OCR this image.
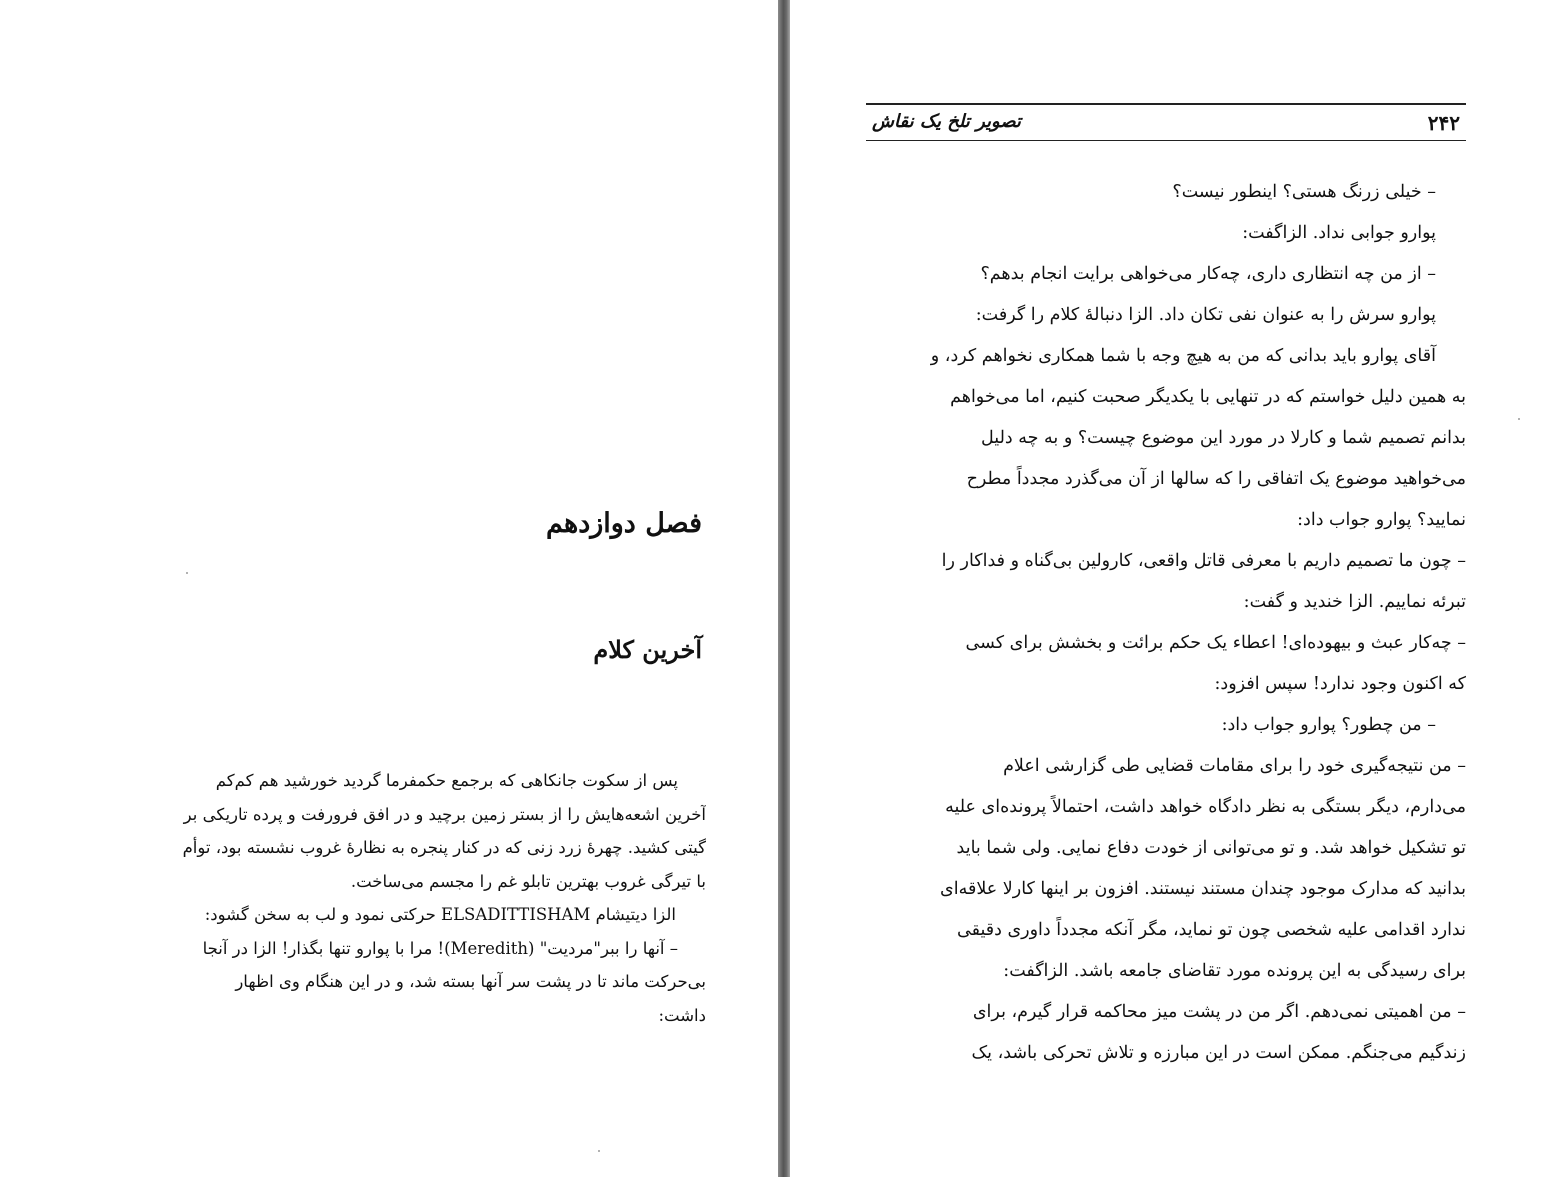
فصل دوازدهم
آخرین کلام
پس از سکوت جانکاهی که برجمع حکمفرما گردید خورشید هم کم‌کم
آخرین اشعه‌هایش را از بستر زمین برچید و در افق فرورفت و پرده تاریکی بر
گیتی کشید. چهرهٔ زرد زنی که در کنار پنجره به نظارهٔ غروب نشسته بود، توأم
با تیرگی غروب بهترین تابلو غم را مجسم می‌ساخت.
الزا دیتیشام ELSADITTISHAM حرکتی نمود و لب به سخن گشود:
– آنها را ببر"مردیت" (Meredith)! مرا با پوارو تنها بگذار! الزا در آنجا
بی‌حرکت ماند تا در پشت سر آنها بسته شد، و در این هنگام وی اظهار
داشت:
۲۴۲
تصویر تلخ یک نقاش
– خیلی زرنگ هستی؟ اینطور نیست؟
پوارو جوابی نداد. الزاگفت:
– از من چه انتظاری داری، چه‌کار می‌خواهی برایت انجام بدهم؟
پوارو سرش را به عنوان نفی تکان داد. الزا دنبالهٔ کلام را گرفت:
آقای پوارو باید بدانی که من به هیچ وجه با شما همکاری نخواهم کرد، و
به همین دلیل خواستم که در تنهایی با یکدیگر صحبت کنیم، اما می‌خواهم
بدانم تصمیم شما و کارلا در مورد این موضوع چیست؟ و به چه دلیل
می‌خواهید موضوع یک اتفاقی را که سالها از آن می‌گذرد مجدداً مطرح
نمایید؟ پوارو جواب داد:
– چون ما تصمیم داریم با معرفی قاتل واقعی، کارولین بی‌گناه و فداکار را
تبرئه نماییم. الزا خندید و گفت:
– چه‌کار عبث و بیهوده‌ای! اعطاء یک حکم برائت و بخشش برای کسی
که اکنون وجود ندارد! سپس افزود:
– من چطور؟ پوارو جواب داد:
– من نتیجه‌گیری خود را برای مقامات قضایی طی گزارشی اعلام
می‌دارم، دیگر بستگی به نظر دادگاه خواهد داشت، احتمالاً پرونده‌ای علیه
تو تشکیل خواهد شد. و تو می‌توانی از خودت دفاع نمایی. ولی شما باید
بدانید که مدارک موجود چندان مستند نیستند. افزون بر اینها کارلا علاقه‌ای
ندارد اقدامی علیه شخصی چون تو نماید، مگر آنکه مجدداً داوری دقیقی
برای رسیدگی به این پرونده مورد تقاضای جامعه باشد. الزاگفت:
– من اهمیتی نمی‌دهم. اگر من در پشت میز محاکمه قرار گیرم، برای
زندگیم می‌جنگم. ممکن است در این مبارزه و تلاش تحرکی باشد، یک
